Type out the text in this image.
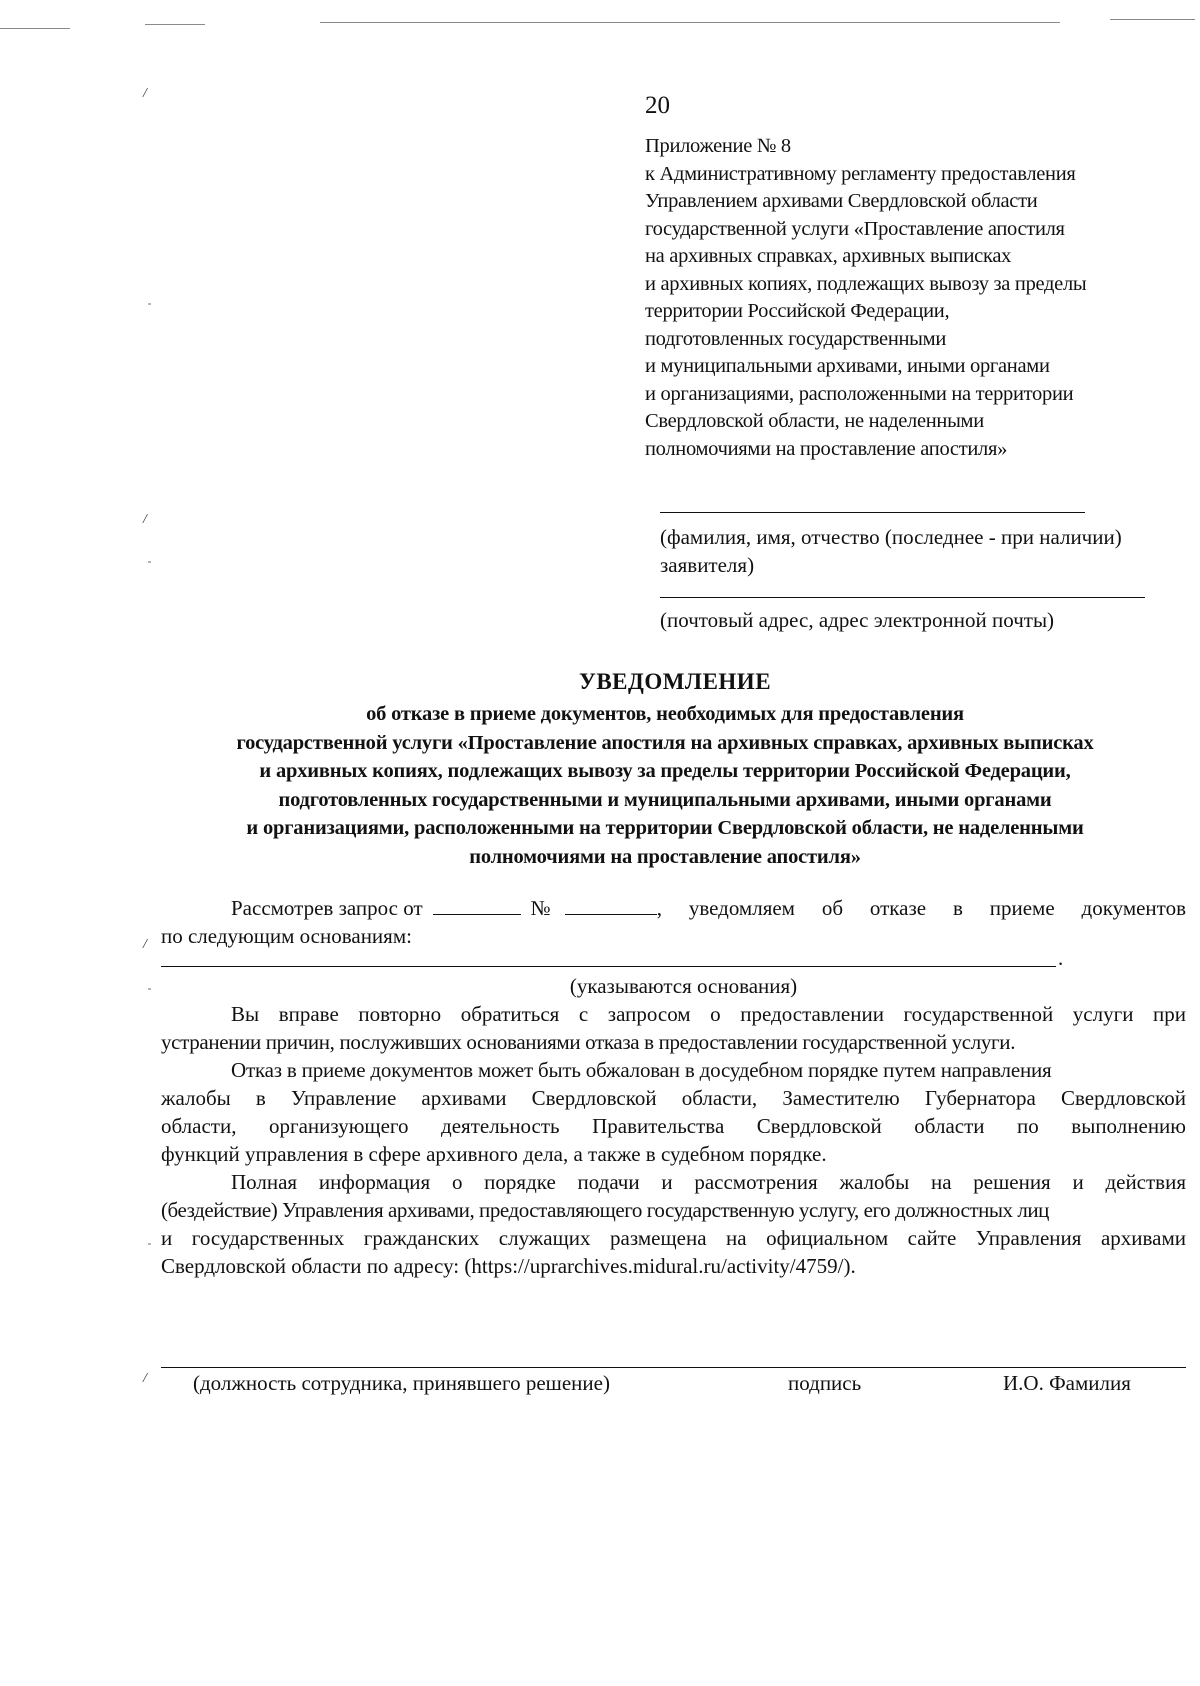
/
/
/
/
20
Приложение № 8
к Административному регламенту предоставления
Управлением архивами Свердловской области
государственной услуги «Проставление апостиля
на архивных справках, архивных выписках
и архивных копиях, подлежащих вывозу за пределы
территории Российской Федерации,
подготовленных государственными
и муниципальными архивами, иными органами
и организациями, расположенными на территории
Свердловской области, не наделенными
полномочиями на проставление апостиля»
(фамилия, имя, отчество (последнее - при наличии)
заявителя)
(почтовый адрес, адрес электронной почты)
УВЕДОМЛЕНИЕ
об отказе в приеме документов, необходимых для предоставления
государственной услуги «Проставление апостиля на архивных справках, архивных выписках
и архивных копиях, подлежащих вывозу за пределы территории Российской Федерации,
подготовленных государственными и муниципальными архивами, иными органами
и организациями, расположенными на территории Свердловской области, не наделенными
полномочиями на проставление апостиля»
Рассмотрев запрос от	№	, уведомляем об отказе в приеме документов
по следующим основаниям:
.
(указываются основания)
Вы вправе повторно обратиться с запросом о предоставлении государственной услуги при
устранении причин, послуживших основаниями отказа в предоставлении государственной услуги.
Отказ в приеме документов может быть обжалован в досудебном порядке путем направления
жалобы в Управление архивами Свердловской области, Заместителю Губернатора Свердловской
области, организующего деятельность Правительства Свердловской области по выполнению
функций управления в сфере архивного дела, а также в судебном порядке.
Полная информация о порядке подачи и рассмотрения жалобы на решения и действия
(бездействие) Управления архивами, предоставляющего государственную услугу, его должностных лиц
и государственных гражданских служащих размещена на официальном сайте Управления архивами
Свердловской области по адресу: (https://uprarchives.midural.ru/activity/4759/).
(должность сотрудника, принявшего решение)	подпись	И.О. Фамилия
